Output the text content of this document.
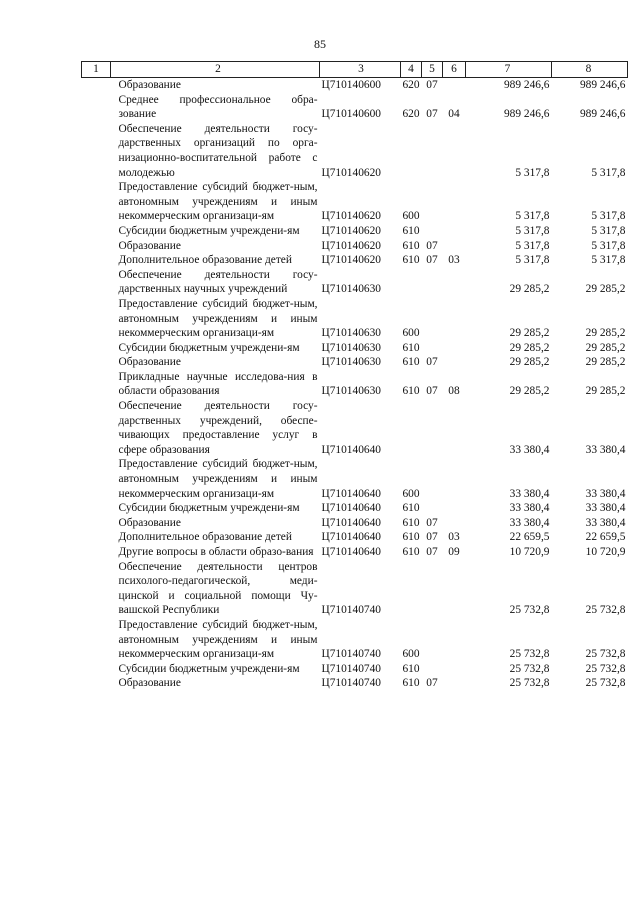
85
1	2	3	4	5	6	7	8
	Образование	Ц710140600	620	07		989 246,6	989 246,6
	Среднее профессиональное обра-зование	Ц710140600	620	07	04	989 246,6	989 246,6
	Обеспечение деятельности госу-дарственных организаций по орга-низационно-воспитательной работе с молодежью	Ц710140620				5 317,8	5 317,8
	Предоставление субсидий бюджет-ным, автономным учреждениям и иным некоммерческим организаци-ям	Ц710140620	600			5 317,8	5 317,8
	Субсидии бюджетным учреждени-ям	Ц710140620	610			5 317,8	5 317,8
	Образование	Ц710140620	610	07		5 317,8	5 317,8
	Дополнительное образование детей	Ц710140620	610	07	03	5 317,8	5 317,8
	Обеспечение деятельности госу-дарственных научных учреждений	Ц710140630				29 285,2	29 285,2
	Предоставление субсидий бюджет-ным, автономным учреждениям и иным некоммерческим организаци-ям	Ц710140630	600			29 285,2	29 285,2
	Субсидии бюджетным учреждени-ям	Ц710140630	610			29 285,2	29 285,2
	Образование	Ц710140630	610	07		29 285,2	29 285,2
	Прикладные научные исследова-ния в области образования	Ц710140630	610	07	08	29 285,2	29 285,2
	Обеспечение деятельности госу-дарственных учреждений, обеспе-чивающих предоставление услуг в сфере образования	Ц710140640				33 380,4	33 380,4
	Предоставление субсидий бюджет-ным, автономным учреждениям и иным некоммерческим организаци-ям	Ц710140640	600			33 380,4	33 380,4
	Субсидии бюджетным учреждени-ям	Ц710140640	610			33 380,4	33 380,4
	Образование	Ц710140640	610	07		33 380,4	33 380,4
	Дополнительное образование детей	Ц710140640	610	07	03	22 659,5	22 659,5
	Другие вопросы в области образо-вания	Ц710140640	610	07	09	10 720,9	10 720,9
	Обеспечение деятельности центров психолого-педагогической, меди-цинской и социальной помощи Чу-вашской Республики	Ц710140740				25 732,8	25 732,8
	Предоставление субсидий бюджет-ным, автономным учреждениям и иным некоммерческим организаци-ям	Ц710140740	600			25 732,8	25 732,8
	Субсидии бюджетным учреждени-ям	Ц710140740	610			25 732,8	25 732,8
	Образование	Ц710140740	610	07		25 732,8	25 732,8
